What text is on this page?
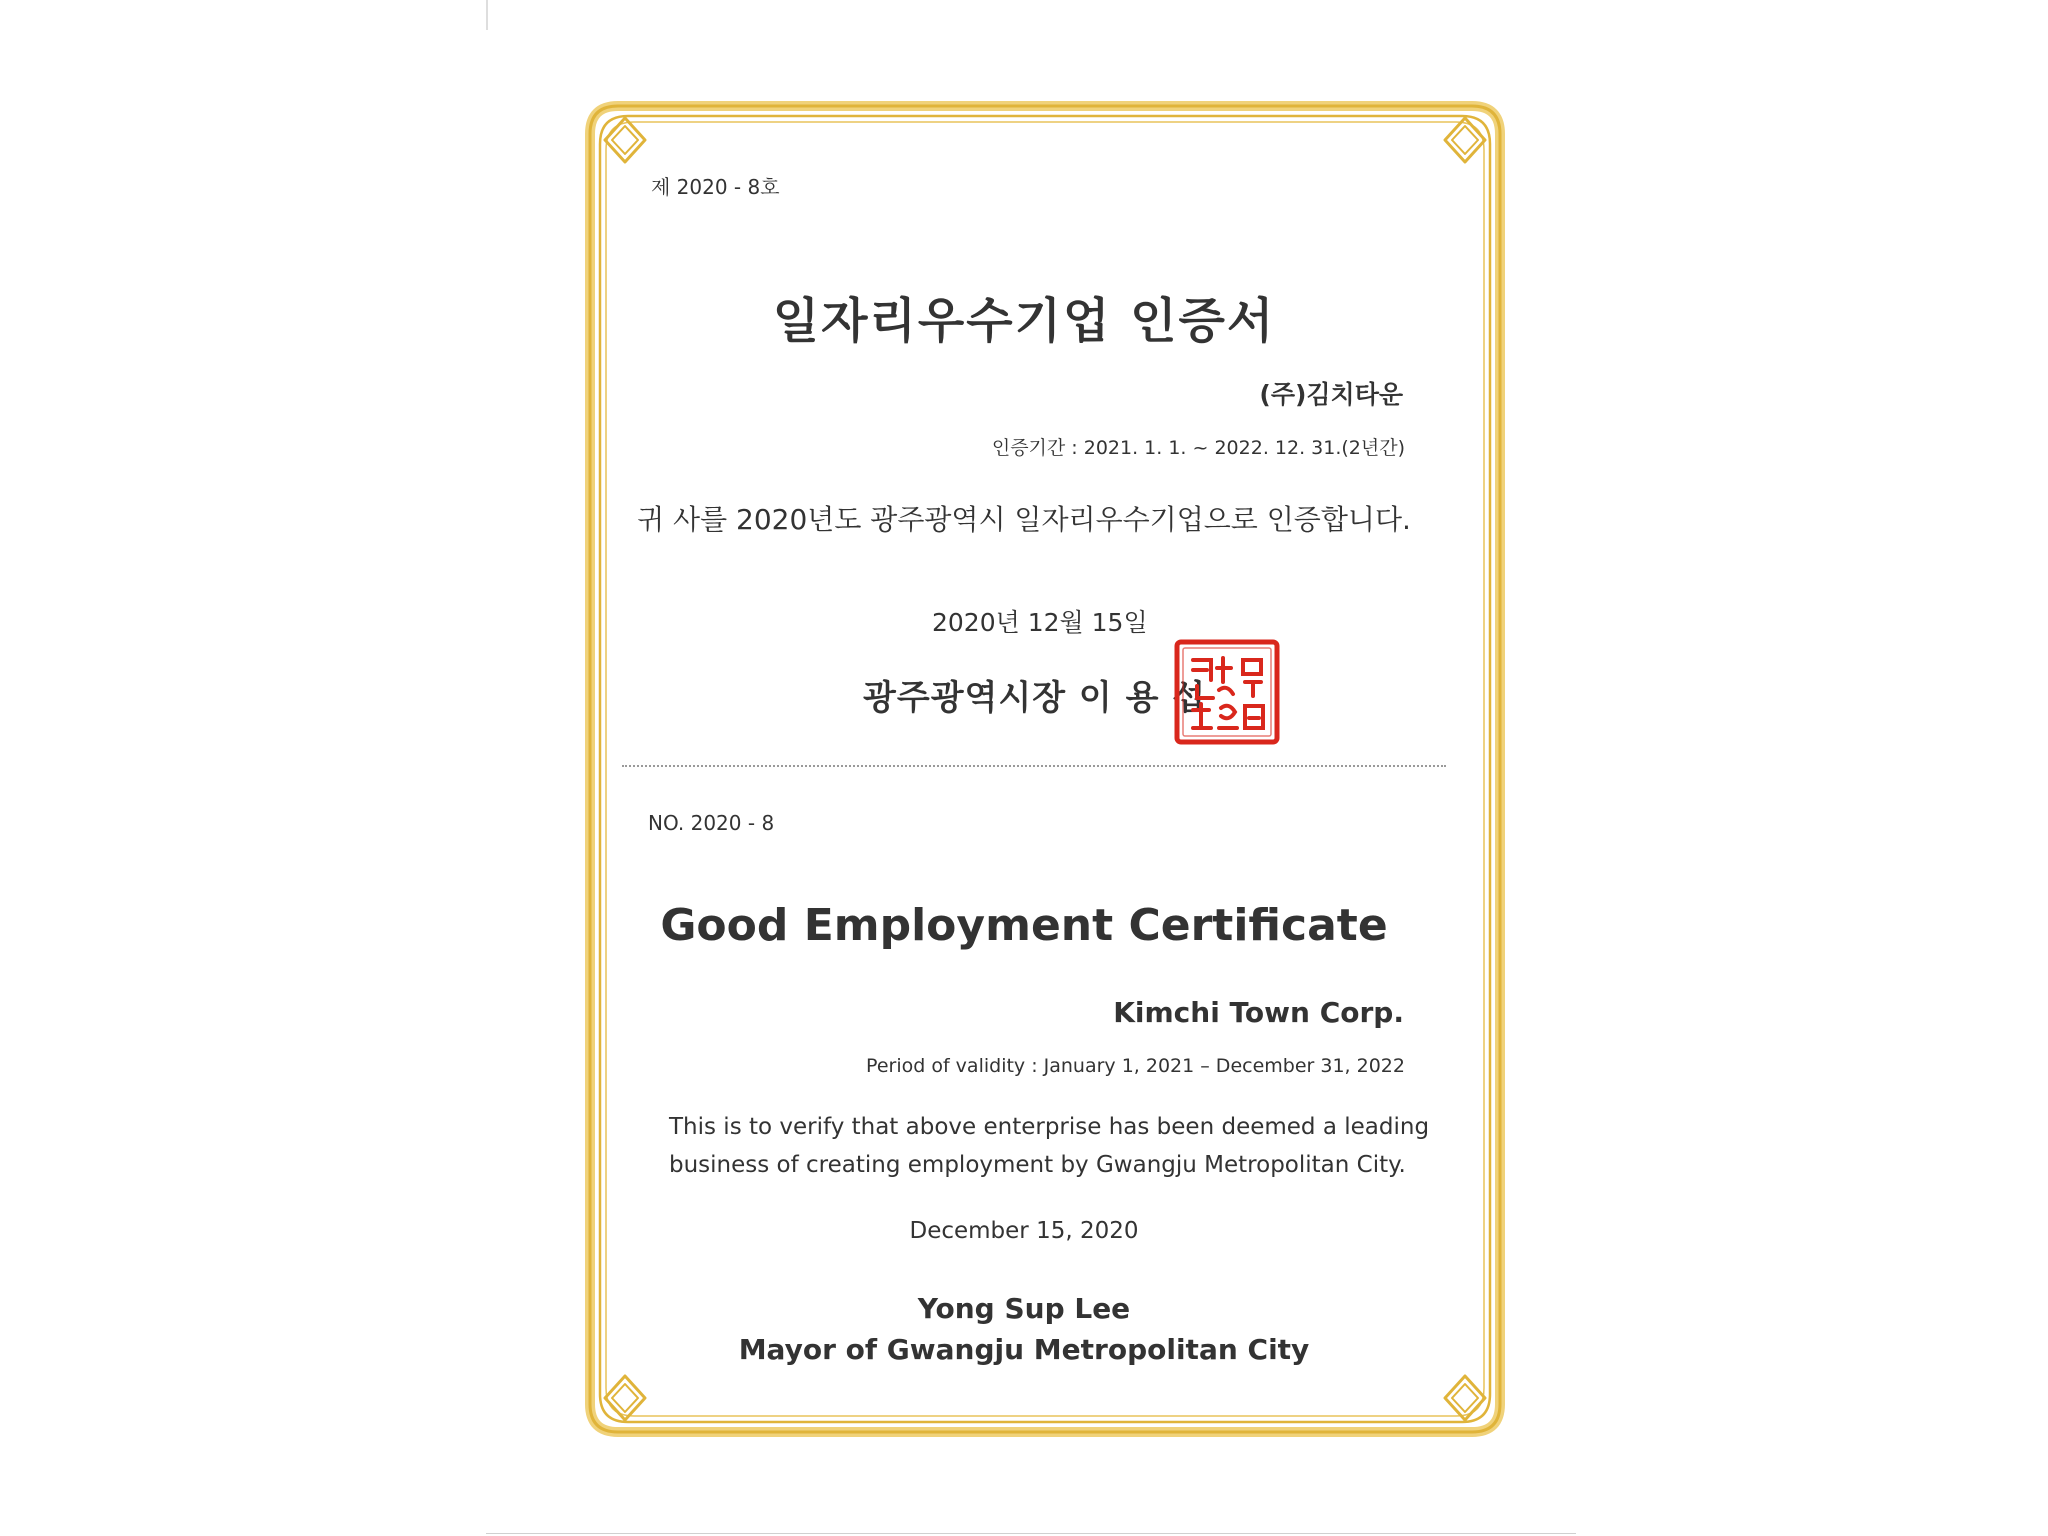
제 2020 - 8호

일자리우수기업 인증서

(주)김치타운

인증기간 : 2021. 1. 1. ~ 2022. 12. 31.(2년간)

귀 사를 2020년도 광주광역시 일자리우수기업으로 인증합니다.

2020년 12월 15일

광주광역시장 이 용 섭

NO. 2020 - 8

Good Employment Certificate

Kimchi Town Corp.

Period of validity : January 1, 2021 – December 31, 2022

This is to verify that above enterprise has been deemed a leading
business of creating employment by Gwangju Metropolitan City.

December 15, 2020

Yong Sup Lee

Mayor of Gwangju Metropolitan City
